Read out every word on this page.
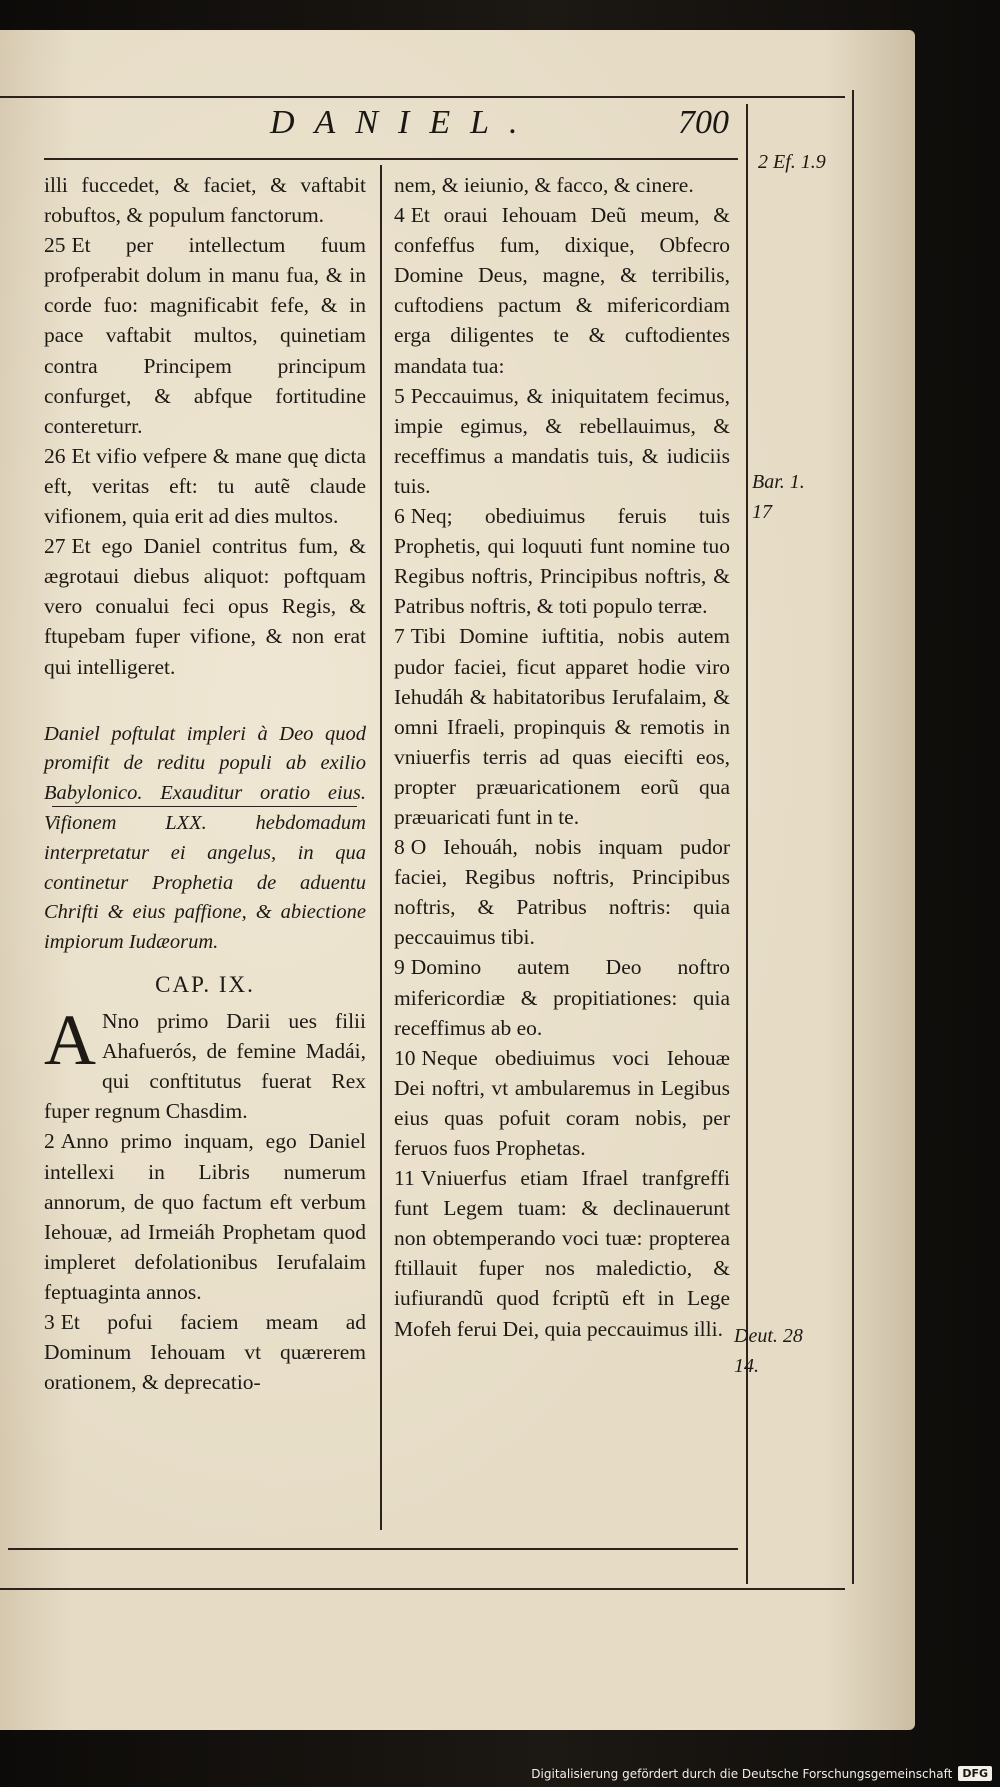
DANIEL.	700
2 Ef. 1.9
Bar. 1.
17
Deut. 28
14.

illi fuccedet, & faciet, & vaftabit robuftos, & populum fanctorum.

25 Et per intellectum fuum profperabit dolum in manu fua, & in corde fuo: magnificabit fefe, & in pace vaftabit multos, quinetiam contra Principem principum confurget, & abfque fortitudine contereturr.

26 Et vifio vefpere & mane quę dicta eft, veritas eft: tu autẽ claude vifionem, quia erit ad dies multos.

27 Et ego Daniel contritus fum, & ægrotaui diebus aliquot: poftquam vero conualui feci opus Regis, & ftupebam fuper vifione, & non erat qui intelligeret.

Daniel poftulat impleri à Deo quod promifit de reditu populi ab exilio Babylonico. Exauditur oratio eius. Vifionem LXX. hebdomadum interpretatur ei angelus, in qua continetur Prophetia de aduentu Chrifti & eius paffione, & abiectione impiorum Iudæorum.

CAP. IX.

A Nno primo Darii ues filii Ahafuerós, de femine Madái, qui conftitutus fuerat Rex fuper regnum Chasdim.

2 Anno primo inquam, ego Daniel intellexi in Libris numerum annorum, de quo factum eft verbum Iehouæ, ad Irmeiáh Prophetam quod impleret defolationibus Ierufalaim feptuaginta annos.

3 Et pofui faciem meam ad Dominum Iehouam vt quærerem orationem, & deprecatio-

nem, & ieiunio, & facco, & cinere.

4 Et oraui Iehouam Deũ meum, & confeffus fum, dixique, Obfecro Domine Deus, magne, & terribilis, cuftodiens pactum & mifericordiam erga diligentes te & cuftodientes mandata tua:

5 Peccauimus, & iniquitatem fecimus, impie egimus, & rebellauimus, & receffimus a mandatis tuis, & iudiciis tuis.

6 Neq; obediuimus feruis tuis Prophetis, qui loquuti funt nomine tuo Regibus noftris, Principibus noftris, & Patribus noftris, & toti populo terræ.

7 Tibi Domine iuftitia, nobis autem pudor faciei, ficut apparet hodie viro Iehudáh & habitatoribus Ierufalaim, & omni Ifraeli, propinquis & remotis in vniuerfis terris ad quas eiecifti eos, propter præuaricationem eorũ qua præuaricati funt in te.

8 O Iehouáh, nobis inquam pudor faciei, Regibus noftris, Principibus noftris, & Patribus noftris: quia peccauimus tibi.

9 Domino autem Deo noftro mifericordiæ & propitiationes: quia receffimus ab eo.

10 Neque obediuimus voci Iehouæ Dei noftri, vt ambularemus in Legibus eius quas pofuit coram nobis, per feruos fuos Prophetas.

11 Vniuerfus etiam Ifrael tranfgreffi funt Legem tuam: & declinauerunt non obtemperando voci tuæ: propterea ftillauit fuper nos maledictio, & iufiurandũ quod fcriptũ eft in Lege Mofeh ferui Dei, quia peccauimus illi.

Digitalisierung gefördert durch die Deutsche Forschungsgemeinschaft DFG
